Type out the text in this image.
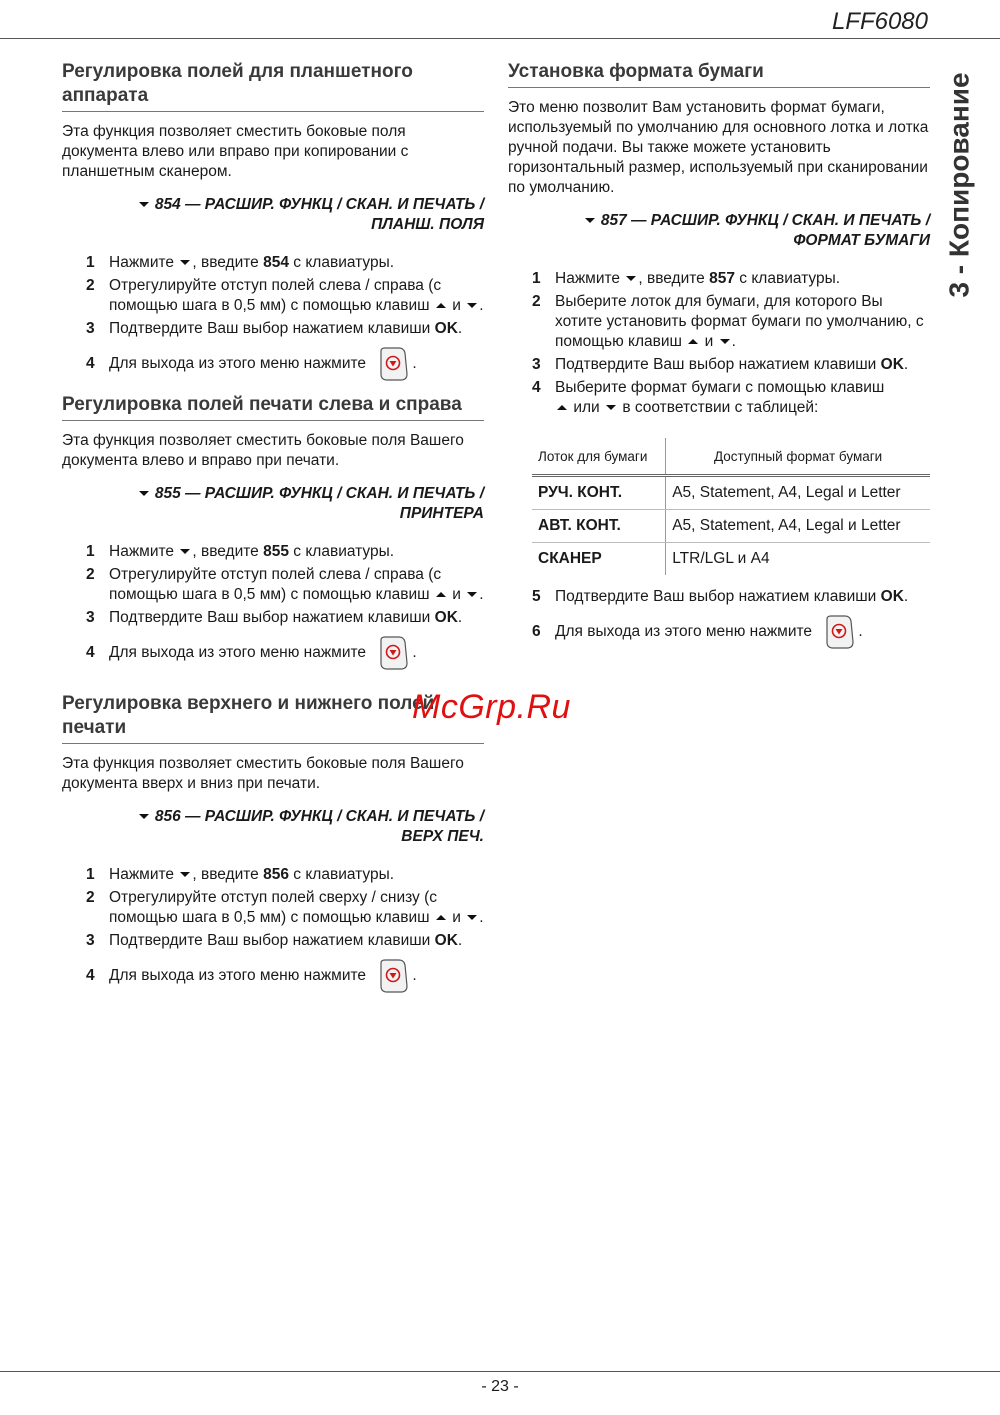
LFF6080
3 - Копирование
Регулировка полей для планшетного аппарата

Эта функция позволяет сместить боковые поля документа влево или вправо при копировании с планшетным сканером.

854 — РАСШИР. ФУНКЦ / СКАН. И ПЕЧАТЬ /
ПЛАНШ. ПОЛЯ
1 Нажмите , введите 854 с клавиатуры.
2 Отрегулируйте отступ полей слева / справа (с помощью шага в 0,5 мм) с помощью клавиш и .
3 Подтвердите Ваш выбор нажатием клавиши OK.
4 Для выхода из этого меню нажмите	.
Регулировка полей печати слева и справа

Эта функция позволяет сместить боковые поля Вашего документа влево и вправо при печати.

855 — РАСШИР. ФУНКЦ / СКАН. И ПЕЧАТЬ /
ПРИНТЕРА
1 Нажмите , введите 855 с клавиатуры.
2 Отрегулируйте отступ полей слева / справа (с помощью шага в 0,5 мм) с помощью клавиш и .
3 Подтвердите Ваш выбор нажатием клавиши OK.
4 Для выхода из этого меню нажмите	.
Регулировка верхнего и нижнего полей печати

Эта функция позволяет сместить боковые поля Вашего документа вверх и вниз при печати.

856 — РАСШИР. ФУНКЦ / СКАН. И ПЕЧАТЬ /
ВЕРХ ПЕЧ.
1 Нажмите , введите 856 с клавиатуры.
2 Отрегулируйте отступ полей сверху / снизу (с помощью шага в 0,5 мм) с помощью клавиш и .
3 Подтвердите Ваш выбор нажатием клавиши OK.
4 Для выхода из этого меню нажмите	.
Установка формата бумаги

Это меню позволит Вам установить формат бумаги, используемый по умолчанию для основного лотка и лотка ручной подачи. Вы также можете установить горизонтальный размер, используемый при сканировании по умолчанию.

857 — РАСШИР. ФУНКЦ / СКАН. И ПЕЧАТЬ /
ФОРМАТ БУМАГИ
1 Нажмите , введите 857 с клавиатуры.
2 Выберите лоток для бумаги, для которого Вы хотите установить формат бумаги по умолчанию, с помощью клавиш и .
3 Подтвердите Ваш выбор нажатием клавиши OK.
4 Выберите формат бумаги с помощью клавиш
или в соответствии с таблицей:
Лоток для бумаги	Доступный формат бумаги
РУЧ. КОНТ.	A5, Statement, A4, Legal и Letter
АВТ. КОНТ.	A5, Statement, A4, Legal и Letter
СКАНЕР	LTR/LGL и A4
5 Подтвердите Ваш выбор нажатием клавиши OK.
6 Для выхода из этого меню нажмите	.
McGrp.Ru
- 23 -
